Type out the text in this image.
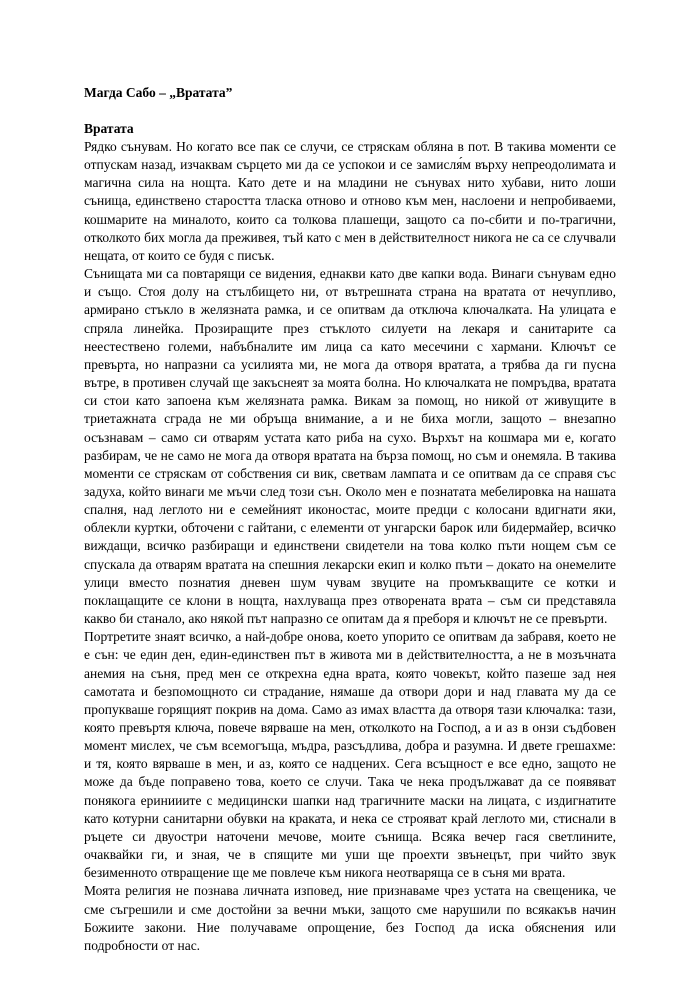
Магда Сабо – „Вратата”
Вратата

Рядко сънувам. Но когато все пак се случи, се стряскам обляна в пот. В такива моменти се отпускам назад, изчаквам сърцето ми да се успокои и се замисля́м върху непреодолимата и магична сила на нощта. Като дете и на младини не сънувах нито хубави, нито лоши сънища, единствено старостта тласка отново и отново към мен, наслоени и непробиваеми, кошмарите на миналото, които са толкова плашещи, защото са по-сбити и по-трагични, отколкото бих могла да преживея, тъй като с мен в действителност никога не са се случвали нещата, от които се будя с писък.

Сънищата ми са повтарящи се видения, еднакви като две капки вода. Винаги сънувам едно и също. Стоя долу на стълбището ни, от вътрешната страна на вратата от нечупливо, армирано стъкло в желязната рамка, и се опитвам да отключа ключалката. На улицата е спряла линейка. Прозиращите през стъклото силуети на лекаря и санитарите са неестествено големи, набъбналите им лица са като месечини с хармани. Ключът се превърта, но напразни са усилията ми, не мога да отворя вратата, а трябва да ги пусна вътре, в противен случай ще закъснеят за моята болна. Но ключалката не помръдва, вратата си стои като запоена към желязната рамка. Викам за помощ, но никой от живущите в триетажната сграда не ми обръща внимание, а и не биха могли, защото – внезапно осъзнавам – само си отварям устата като риба на сухо. Върхът на кошмара ми е, когато разбирам, че не само не мога да отворя вратата на бърза помощ, но съм и онемяла. В такива моменти се стряскам от собствения си вик, светвам лампата и се опитвам да се справя със задуха, който винаги ме мъчи след този сън. Около мен е познатата мебелировка на нашата спалня, над леглото ни е семейният иконостас, моите предци с колосани вдигнати яки, облекли куртки, обточени с гайтани, с елементи от унгарски барок или бидермайер, всичко виждащи, всичко разбиращи и единствени свидетели на това колко пъти нощем съм се спускала да отварям вратата на спешния лекарски екип и колко пъти – докато на онемелите улици вместо познатия дневен шум чувам звуците на промъкващите се котки и поклащащите се клони в нощта, нахлуваща през отворената врата – съм си представяла какво би станало, ако някой път напразно се опитам да я преборя и ключът не се превърти.

Портретите знаят всичко, а най-добре онова, което упорито се опитвам да забравя, което не е сън: че един ден, един-единствен път в живота ми в действителността, а не в мозъчната анемия на съня, пред мен се открехна една врата, която човекът, който пазеше зад нея самотата и безпомощното си страдание, нямаше да отвори дори и над главата му да се пропукваше горящият покрив на дома. Само аз имах властта да отворя тази ключалка: тази, която превъртя ключа, повече вярваше на мен, отколкото на Господ, а и аз в онзи съдбовен момент мислех, че съм всемогъща, мъдра, разсъдлива, добра и разумна. И двете грешахме: и тя, която вярваше в мен, и аз, която се надцених. Сега всъщност е все едно, защото не може да бъде поправено това, което се случи. Така че нека продължават да се появяват понякога еринииите с медицински шапки над трагичните маски на лицата, с издигнатите като котурни санитарни обувки на краката, и нека се строяват край леглото ми, стиснали в ръцете си двуостри наточени мечове, моите сънища. Всяка вечер гася светлините, очаквайки ги, и зная, че в спящите ми уши ще проехти звънецът, при чийто звук безименното отвращение ще ме повлече към никога неотваряща се в съня ми врата.

Моята религия не познава личната изповед, ние признаваме чрез устата на свещеника, че сме съгрешили и сме достойни за вечни мъки, защото сме нарушили по всякакъв начин Божиите закони. Ние получаваме опрощение, без Господ да иска обяснения или подробности от нас.
